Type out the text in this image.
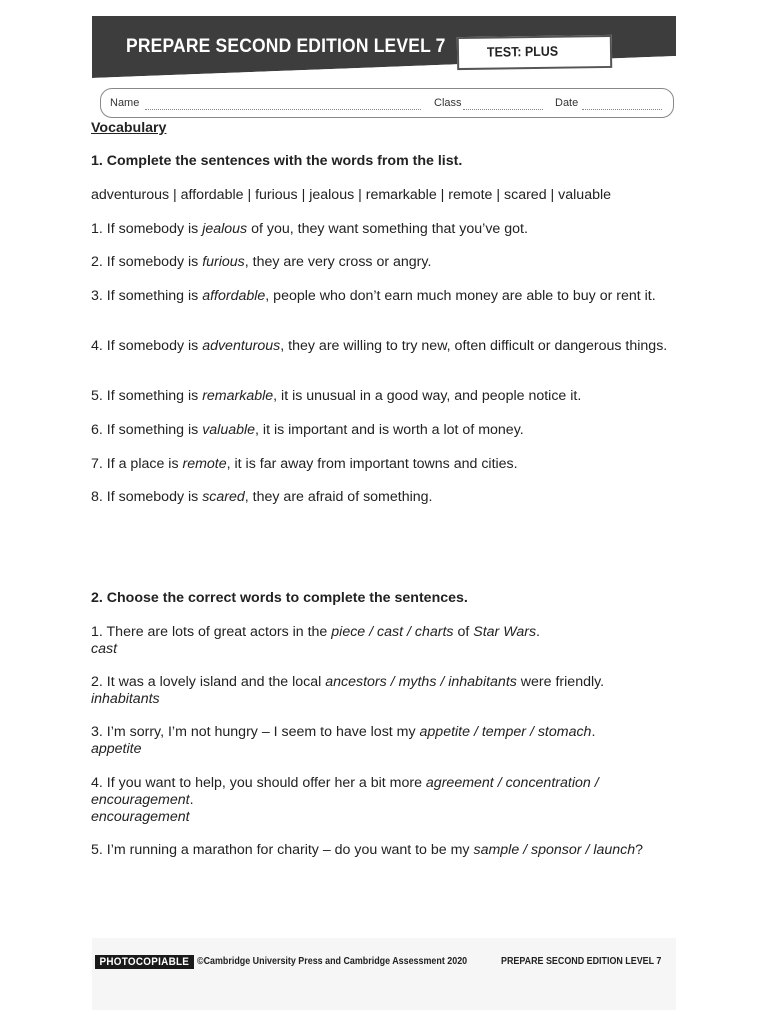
PREPARE SECOND EDITION LEVEL 7	TEST: PLUS
Name	Class	Date
Vocabulary
1. Complete the sentences with the words from the list.
adventurous | affordable | furious | jealous | remarkable | remote | scared | valuable
1. If somebody is jealous of you, they want something that you’ve got.
2. If somebody is furious, they are very cross or angry.
3. If something is affordable, people who don’t earn much money are able to buy or rent it.
4. If somebody is adventurous, they are willing to try new, often difficult or dangerous things.
5. If something is remarkable, it is unusual in a good way, and people notice it.
6. If something is valuable, it is important and is worth a lot of money.
7. If a place is remote, it is far away from important towns and cities.
8. If somebody is scared, they are afraid of something.
2. Choose the correct words to complete the sentences.
1. There are lots of great actors in the piece / cast / charts of Star Wars.
cast
2. It was a lovely island and the local ancestors / myths / inhabitants were friendly.
inhabitants
3. I’m sorry, I’m not hungry – I seem to have lost my appetite / temper / stomach.
appetite
4. If you want to help, you should offer her a bit more agreement / concentration / encouragement.
encouragement
5. I’m running a marathon for charity – do you want to be my sample / sponsor / launch?
PHOTOCOPIABLE ©Cambridge University Press and Cambridge Assessment 2020	PREPARE SECOND EDITION LEVEL 7
